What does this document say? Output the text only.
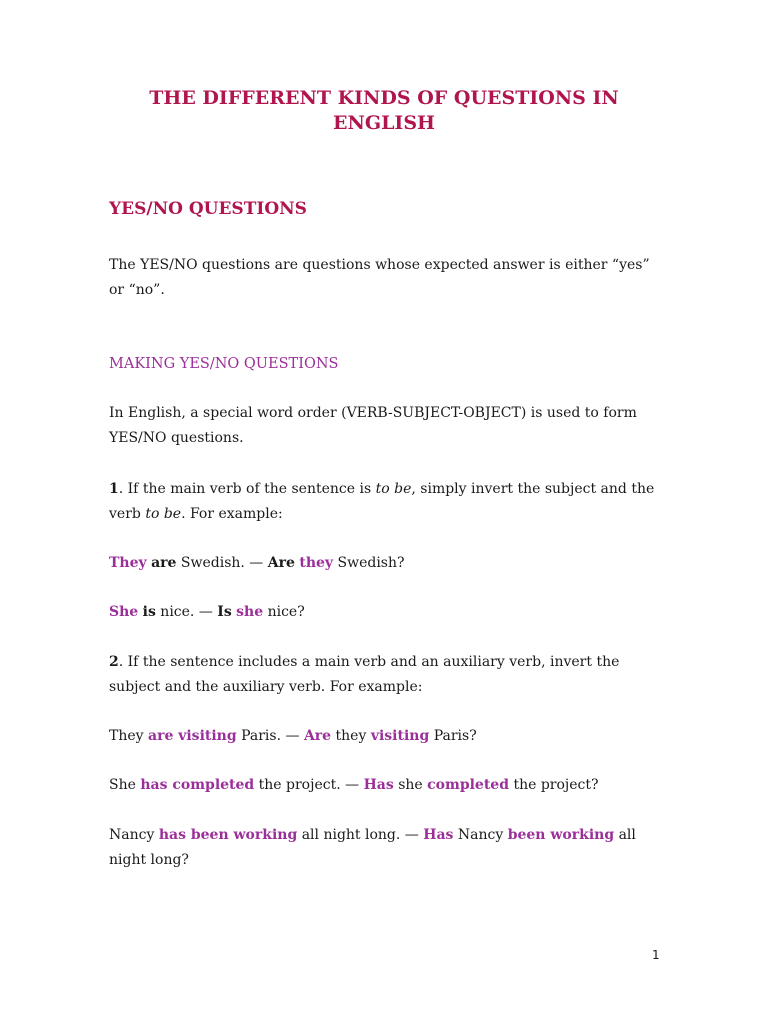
THE DIFFERENT KINDS OF QUESTIONS IN
ENGLISH
YES/NO QUESTIONS

The YES/NO questions are questions whose expected answer is either “yes” or “no”.

MAKING YES/NO QUESTIONS

In English, a special word order (VERB-SUBJECT-OBJECT) is used to form YES/NO questions.

1. If the main verb of the sentence is to be, simply invert the subject and the verb to be. For example:

They are Swedish. — Are they Swedish?

She is nice. — Is she nice?

2. If the sentence includes a main verb and an auxiliary verb, invert the subject and the auxiliary verb. For example:

They are visiting Paris. — Are they visiting Paris?

She has completed the project. — Has she completed the project?

Nancy has been working all night long. — Has Nancy been working all night long?

1
